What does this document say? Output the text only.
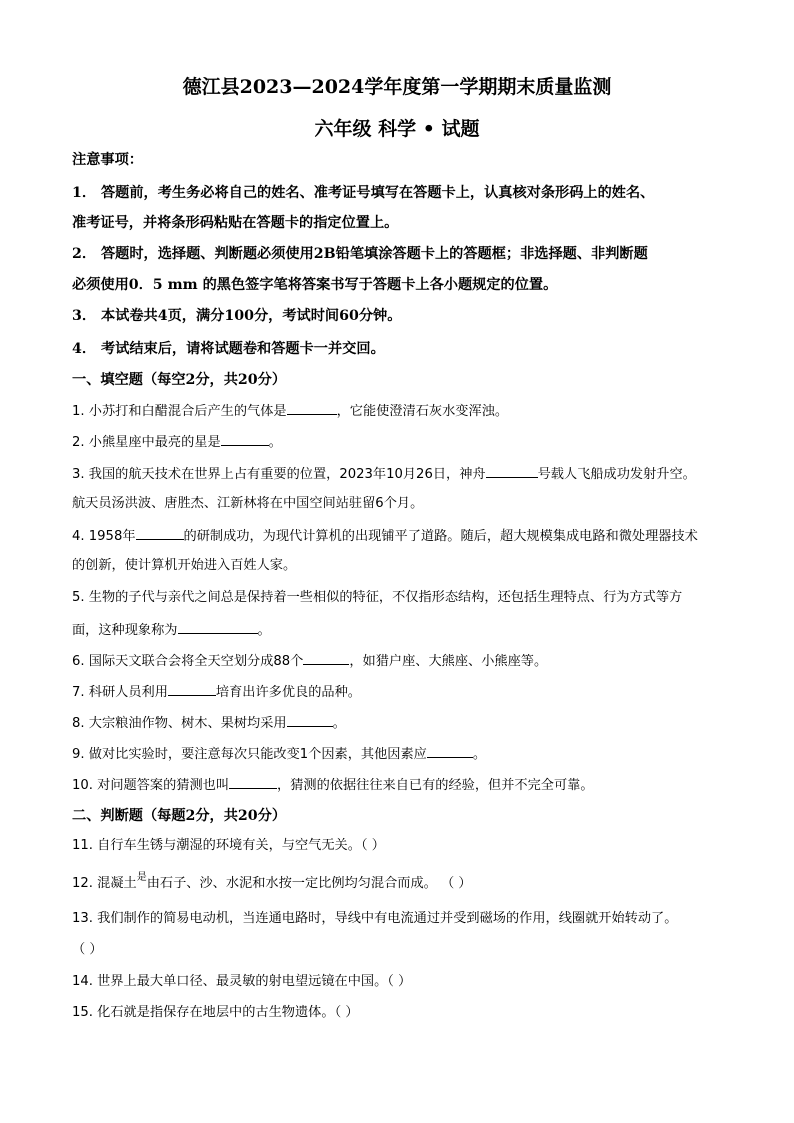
德江县2023—2024学年度第一学期期末质量监测
六年级 科学 • 试题
注意事项：
1． 答题前，考生务必将自己的姓名、准考证号填写在答题卡上，认真核对条形码上的姓名、
准考证号，并将条形码粘贴在答题卡的指定位置上。
2． 答题时，选择题、判断题必须使用2B铅笔填涂答题卡上的答题框；非选择题、非判断题
必须使用0．5 mm 的黑色签字笔将答案书写于答题卡上各小题规定的位置。
3． 本试卷共4页，满分100分，考试时间60分钟。
4． 考试结束后，请将试题卷和答题卡一并交回。
一、填空题（每空2分，共20分）
1. 小苏打和白醋混合后产生的气体是	，它能使澄清石灰水变浑浊。
2. 小熊星座中最亮的星是	。
3. 我国的航天技术在世界上占有重要的位置，2023年10月26日，神舟	号载人飞船成功发射升空。
航天员汤洪波、唐胜杰、江新林将在中国空间站驻留6个月。
4. 1958年	的研制成功，为现代计算机的出现铺平了道路。随后，超大规模集成电路和微处理器技术
的创新，使计算机开始进入百姓人家。
5. 生物的子代与亲代之间总是保持着一些相似的特征，不仅指形态结构，还包括生理特点、行为方式等方
面，这种现象称为	。
6. 国际天文联合会将全天空划分成88个	，如猎户座、大熊座、小熊座等。
7. 科研人员利用	培育出许多优良的品种。
8. 大宗粮油作物、树木、果树均采用	。
9. 做对比实验时，要注意每次只能改变1个因素，其他因素应	。
10. 对问题答案的猜测也叫	，猜测的依据往往来自已有的经验，但并不完全可靠。
二、判断题（每题2分，共20分）
11. 自行车生锈与潮湿的环境有关，与空气无关。（ ）
12. 混凝土$^是$由石子、沙、水泥和水按一定比例均匀混合而成。 （ ）
13. 我们制作的简易电动机，当连通电路时，导线中有电流通过并受到磁场的作用，线圈就开始转动了。
（ ）
14. 世界上最大单口径、最灵敏的射电望远镜在中国。（ ）
15. 化石就是指保存在地层中的古生物遗体。（ ）
